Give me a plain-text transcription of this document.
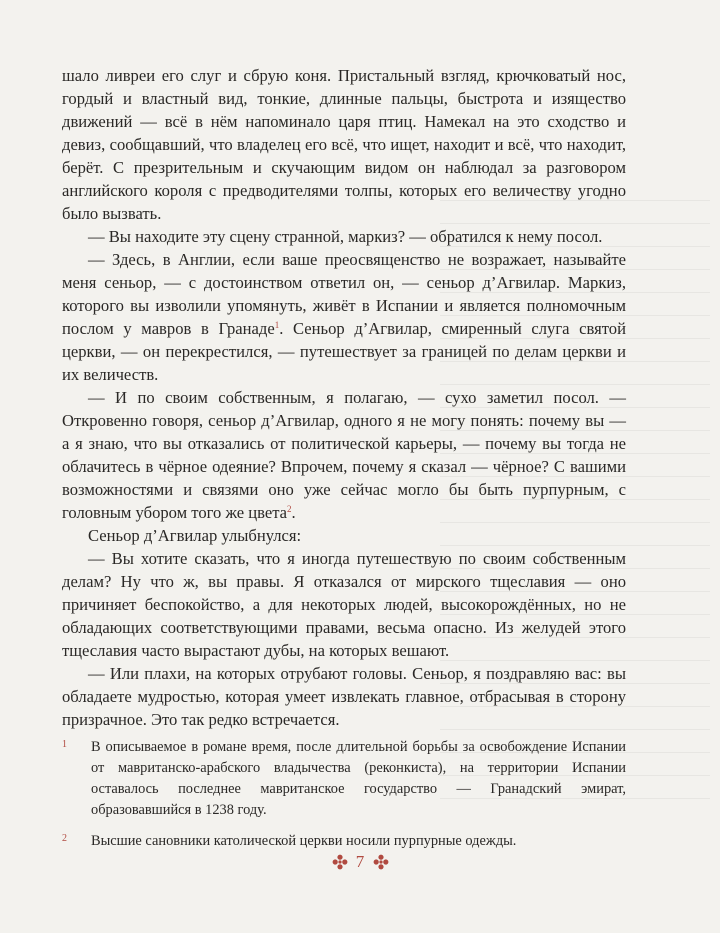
шало ливреи его слуг и сбрую коня. Пристальный взгляд, крючковатый нос, гордый и властный вид, тонкие, длинные пальцы, быстрота и изящество движений — всё в нём напоминало царя птиц. Намекал на это сходство и девиз, сообщавший, что владелец его всё, что ищет, находит и всё, что находит, берёт. С презрительным и скучающим видом он наблюдал за разговором английского короля с предводителями толпы, которых его величеству угодно было вызвать.

— Вы находите эту сцену странной, маркиз? — обратился к нему посол.

— Здесь, в Англии, если ваше преосвященство не возражает, называйте меня сеньор, — с достоинством ответил он, — сеньор д’Агвилар. Маркиз, которого вы изволили упомянуть, живёт в Испании и является полномочным послом у мавров в Гранаде$^1$. Сеньор д’Агвилар, смиренный слуга святой церкви, — он перекрестился, — путешествует за границей по делам церкви и их величеств.

— И по своим собственным, я полагаю, — сухо заметил посол. — Откровенно говоря, сеньор д’Агвилар, одного я не могу понять: почему вы — а я знаю, что вы отказались от политической карьеры, — почему вы тогда не облачитесь в чёрное одеяние? Впрочем, почему я сказал — чёрное? С вашими возможностями и связями оно уже сейчас могло бы быть пурпурным, с головным убором того же цвета$^2$.

Сеньор д’Агвилар улыбнулся:

— Вы хотите сказать, что я иногда путешествую по своим собственным делам? Ну что ж, вы правы. Я отказался от мирского тщеславия — оно причиняет беспокойство, а для некоторых людей, высокорождённых, но не обладающих соответствующими правами, весьма опасно. Из желудей этого тщеславия часто вырастают дубы, на которых вешают.

— Или плахи, на которых отрубают головы. Сеньор, я поздравляю вас: вы обладаете мудростью, которая умеет извлекать главное, отбрасывая в сторону призрачное. Это так редко встречается.

1 В описываемое в романе время, после длительной борьбы за освобождение Испании от мавританско-арабского владычества (реконкиста), на территории Испании оставалось последнее мавританское государство — Гранадский эмират, образовавшийся в 1238 году.
2 Высшие сановники католической церкви носили пурпурные одежды.
7
